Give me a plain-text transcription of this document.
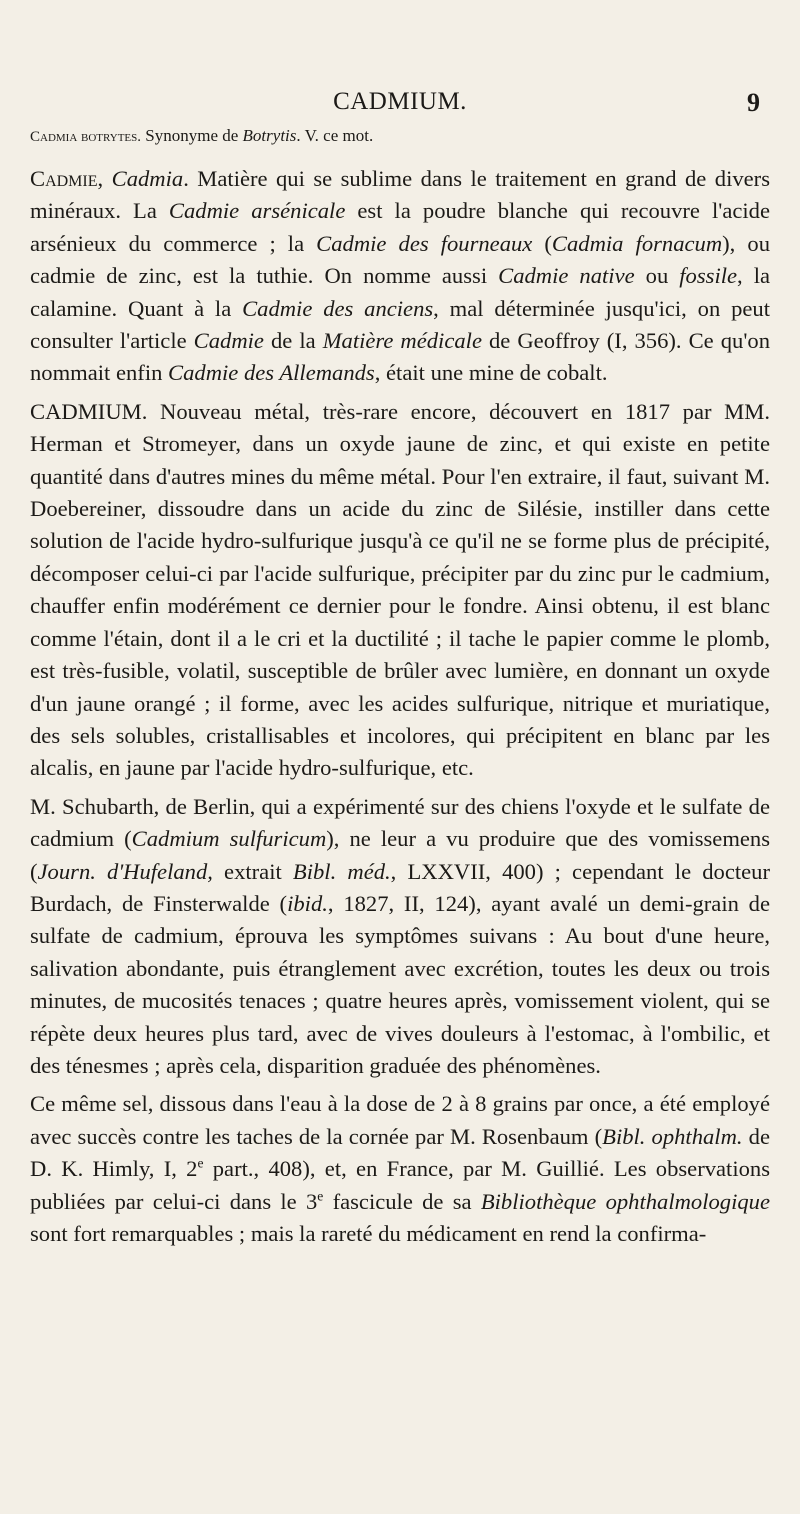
CADMIUM.	9

Cadmia botrytes. Synonyme de Botrytis. V. ce mot.

Cadmie, Cadmia. Matière qui se sublime dans le traitement en grand de divers minéraux. La Cadmie arsénicale est la poudre blanche qui recouvre l'acide arsénieux du commerce ; la Cadmie des fourneaux (Cadmia fornacum), ou cadmie de zinc, est la tuthie. On nomme aussi Cadmie native ou fossile, la calamine. Quant à la Cadmie des anciens, mal déterminée jusqu'ici, on peut consulter l'article Cadmie de la Matière médicale de Geoffroy (I, 356). Ce qu'on nommait enfin Cadmie des Allemands, était une mine de cobalt.

CADMIUM. Nouveau métal, très-rare encore, découvert en 1817 par MM. Herman et Stromeyer, dans un oxyde jaune de zinc, et qui existe en petite quantité dans d'autres mines du même métal. Pour l'en extraire, il faut, suivant M. Doebereiner, dissoudre dans un acide du zinc de Silésie, instiller dans cette solution de l'acide hydro-sulfurique jusqu'à ce qu'il ne se forme plus de précipité, décomposer celui-ci par l'acide sulfurique, précipiter par du zinc pur le cadmium, chauffer enfin modérément ce dernier pour le fondre. Ainsi obtenu, il est blanc comme l'étain, dont il a le cri et la ductilité ; il tache le papier comme le plomb, est très-fusible, volatil, susceptible de brûler avec lumière, en donnant un oxyde d'un jaune orangé ; il forme, avec les acides sulfurique, nitrique et muriatique, des sels solubles, cristallisables et incolores, qui précipitent en blanc par les alcalis, en jaune par l'acide hydro-sulfurique, etc.

M. Schubarth, de Berlin, qui a expérimenté sur des chiens l'oxyde et le sulfate de cadmium (Cadmium sulfuricum), ne leur a vu produire que des vomissemens (Journ. d'Hufeland, extrait Bibl. méd., LXXVII, 400) ; cependant le docteur Burdach, de Finsterwalde (ibid., 1827, II, 124), ayant avalé un demi-grain de sulfate de cadmium, éprouva les symptômes suivans : Au bout d'une heure, salivation abondante, puis étranglement avec excrétion, toutes les deux ou trois minutes, de mucosités tenaces ; quatre heures après, vomissement violent, qui se répète deux heures plus tard, avec de vives douleurs à l'estomac, à l'ombilic, et des ténesmes ; après cela, disparition graduée des phénomènes.

Ce même sel, dissous dans l'eau à la dose de 2 à 8 grains par once, a été employé avec succès contre les taches de la cornée par M. Rosenbaum (Bibl. ophthalm. de D. K. Himly, I, 2e part., 408), et, en France, par M. Guillié. Les observations publiées par celui-ci dans le 3e fascicule de sa Bibliothèque ophthalmologique sont fort remarquables ; mais la rareté du médicament en rend la confirma-
